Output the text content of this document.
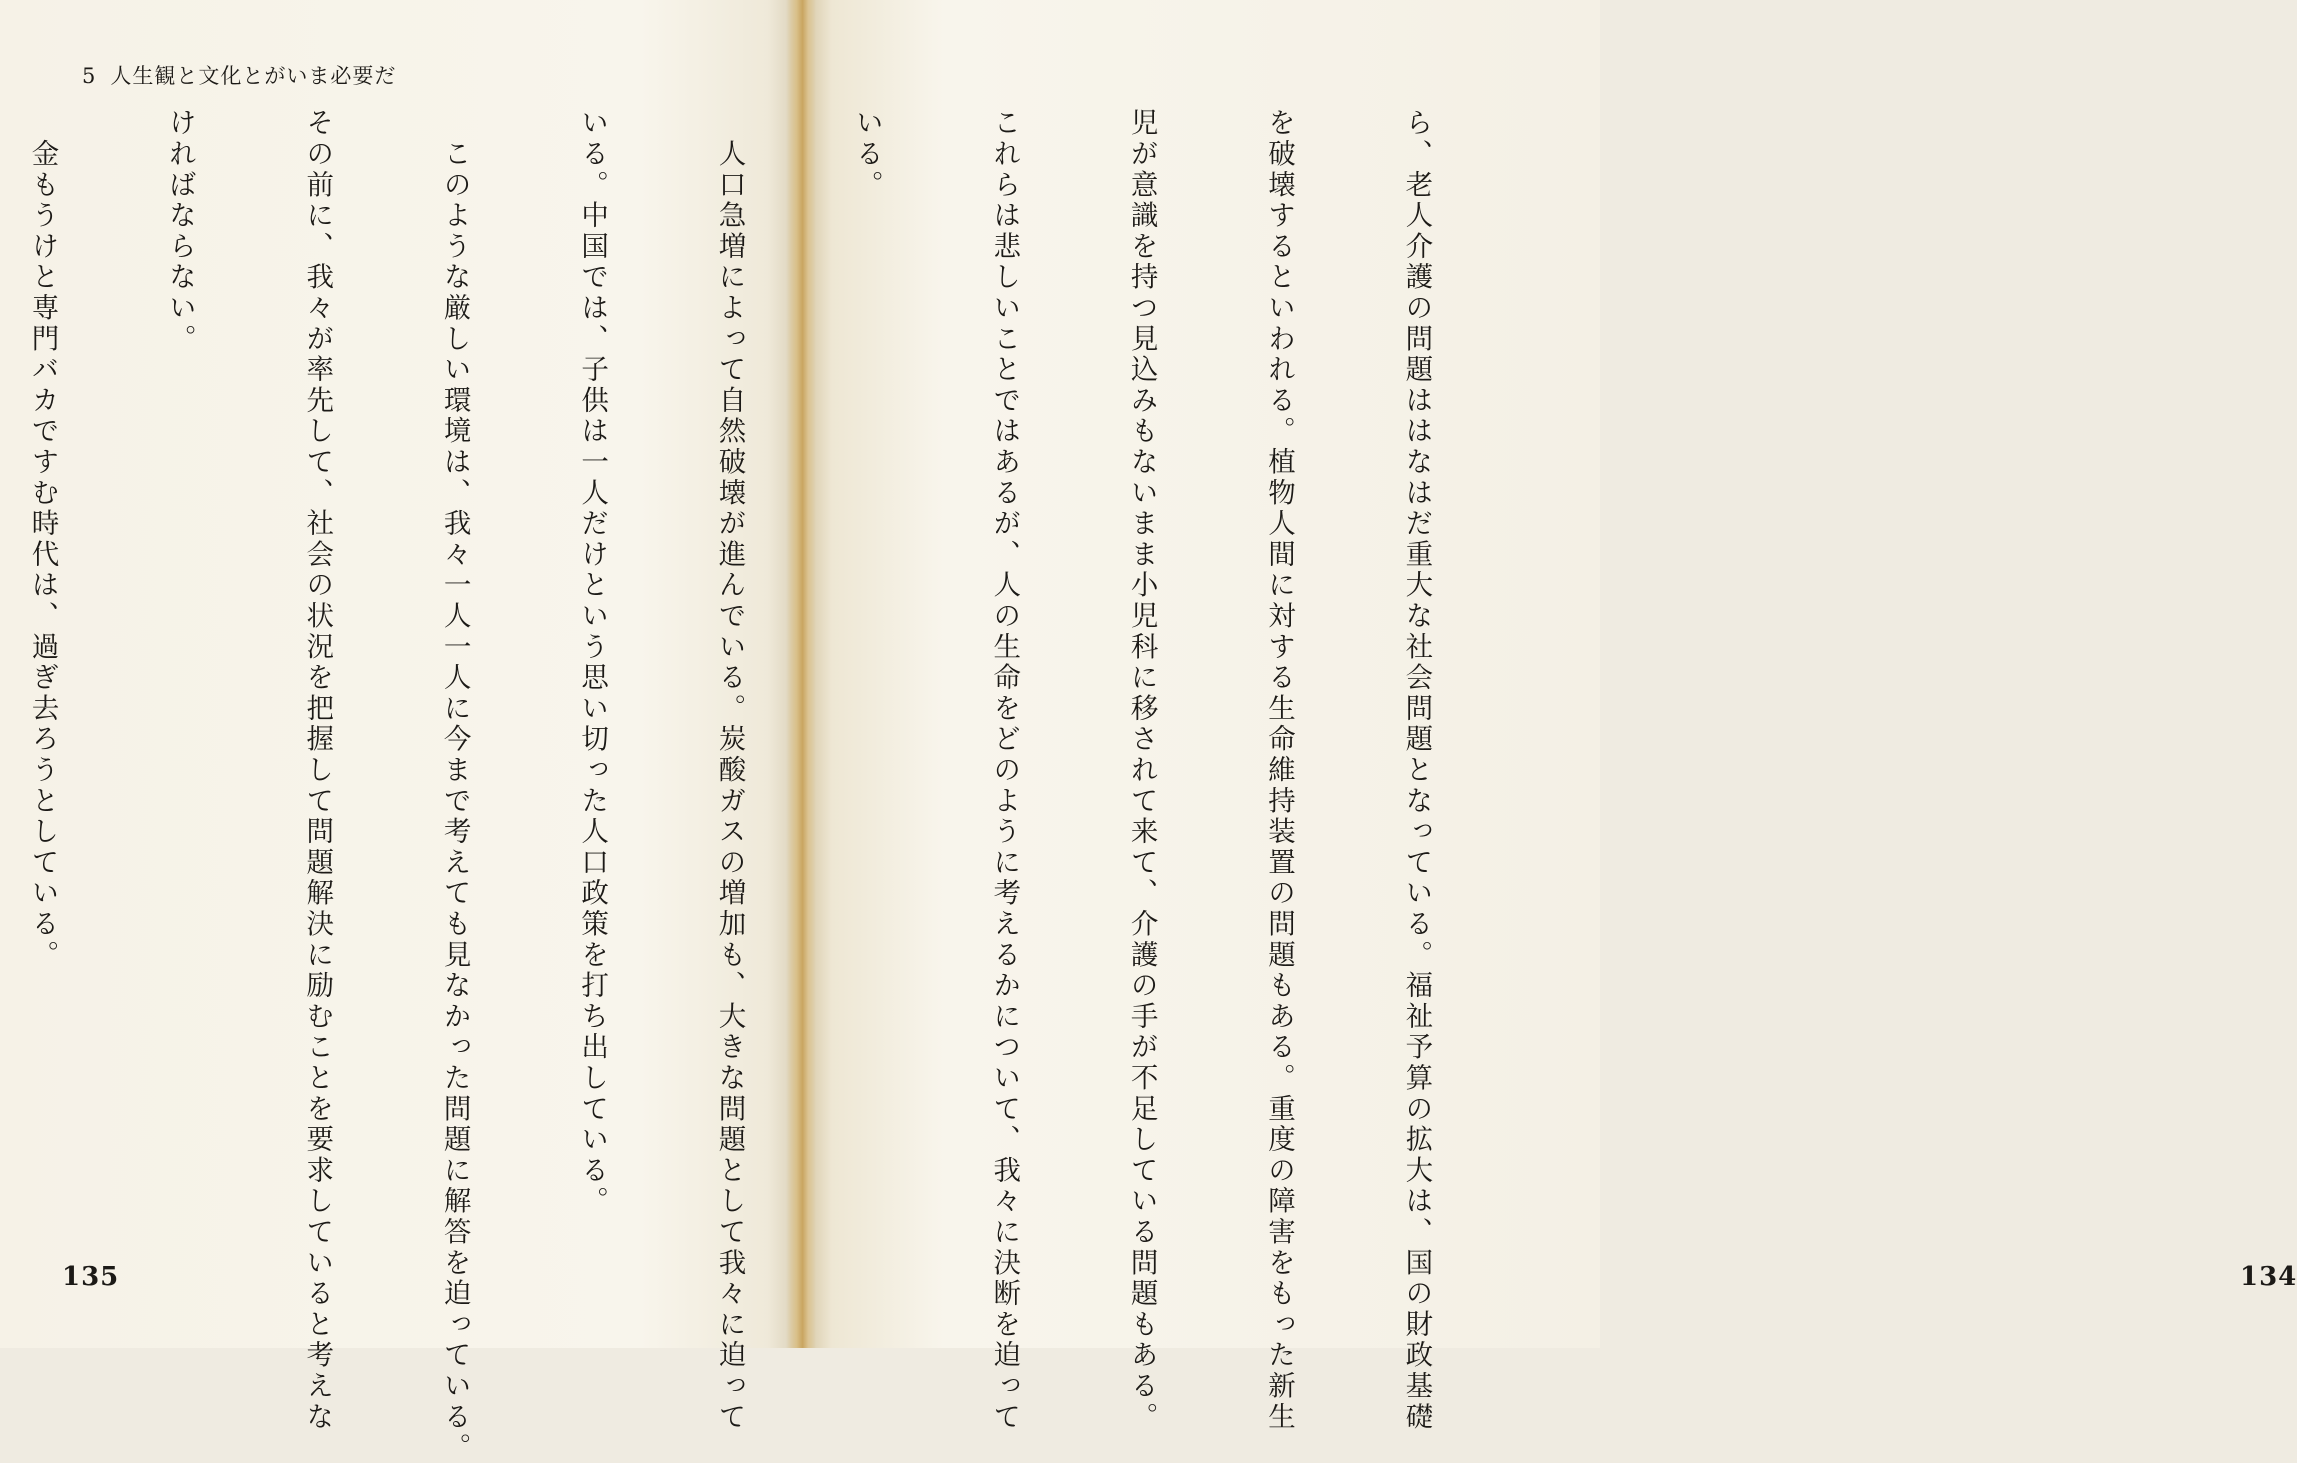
5 人生観と文化とがいま必要だ

135

	ら、老人介護の問題ははなはだ重大な社会問題となっている。福祉予算の拡大は、国の財政基礎

を破壊するといわれる。植物人間に対する生命維持装置の問題もある。重度の障害をもった新生

児が意識を持つ見込みもないまま小児科に移されて来て、介護の手が不足している問題もある。

これらは悲しいことではあるが、人の生命をどのように考えるかについて、我々に決断を迫って

いる。

　人口急増によって自然破壊が進んでいる。炭酸ガスの増加も、大きな問題として我々に迫って

いる。中国では、子供は一人だけという思い切った人口政策を打ち出している。

　このような厳しい環境は、我々一人一人に今まで考えても見なかった問題に解答を迫っている。

その前に、我々が率先して、社会の状況を把握して問題解決に励むことを要求していると考えな

ければならない。

　金もうけと専門バカですむ時代は、過ぎ去ろうとしている。

134
